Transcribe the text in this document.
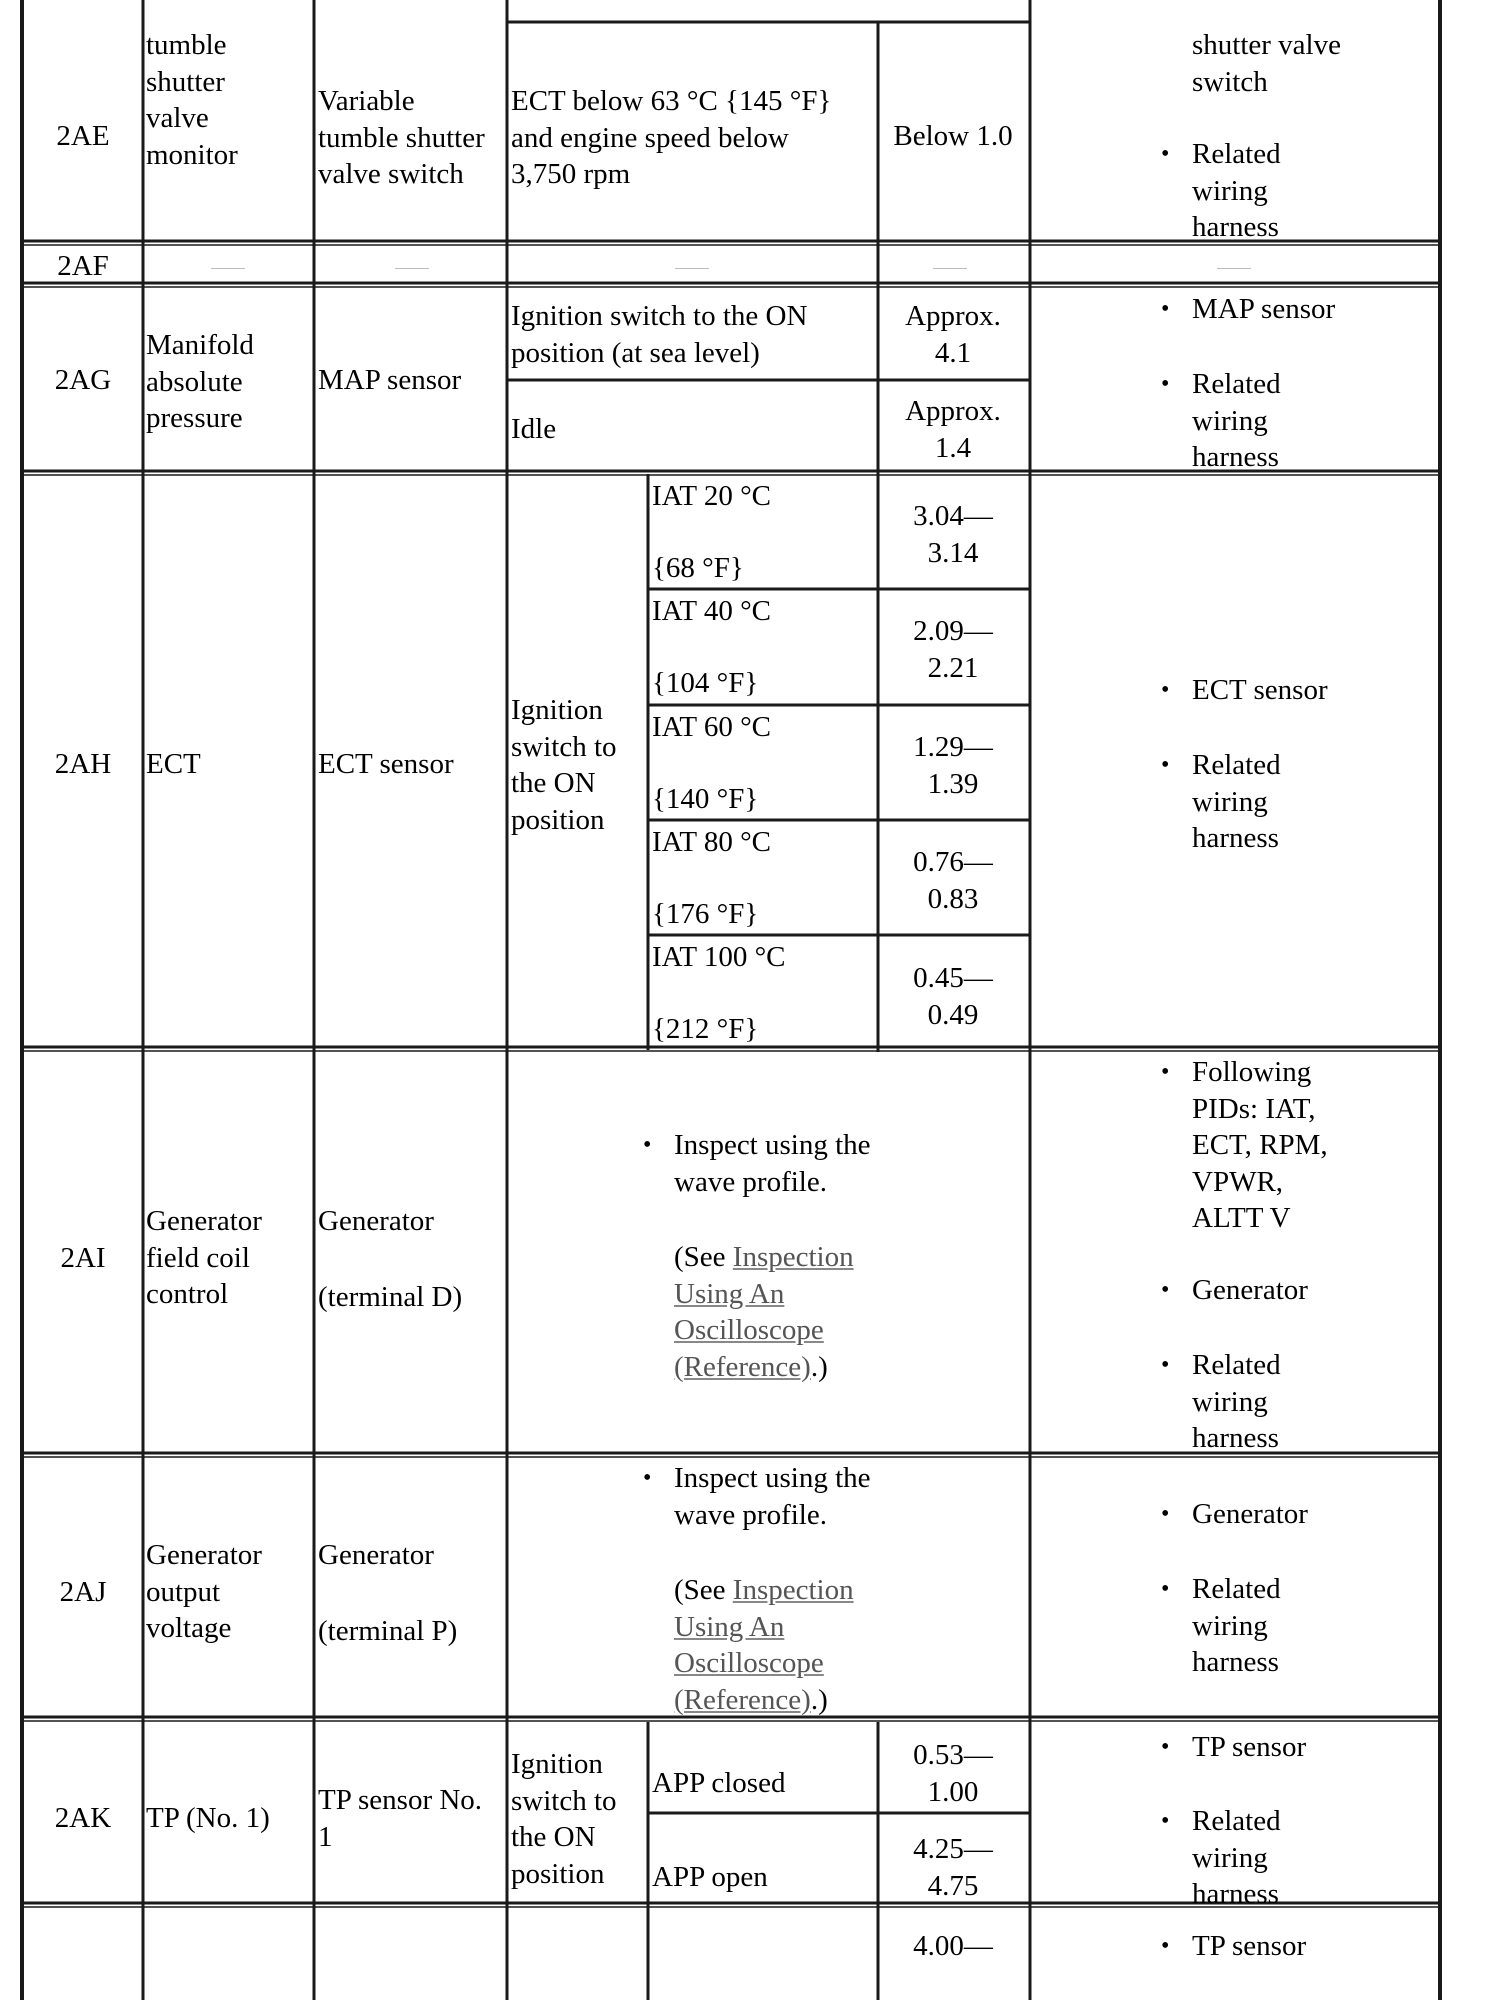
2AE
tumble
shutter
valve
monitor
Variable
tumble shutter
valve switch
ECT below 63 °C {145 °F}
and engine speed below
3,750 rpm
Below 1.0
shutter valve
switch
• Related
wiring
harness
2AF
2AG
Manifold
absolute
pressure
MAP sensor
Ignition switch to the ON
position (at sea level)
Approx.
4.1
Idle
Approx.
1.4
• MAP sensor
• Related
wiring
harness
2AH	ECT	ECT sensor
Ignition
switch to
the ON
position
IAT 20 °C
{68 °F}
3.04—
3.14
IAT 40 °C
{104 °F}
2.09—
2.21
IAT 60 °C
{140 °F}
1.29—
1.39
IAT 80 °C
{176 °F}
0.76—
0.83
IAT 100 °C
{212 °F}
0.45—
0.49
• ECT sensor
• Related
wiring
harness
2AI
Generator
field coil
control
Generator
(terminal D)
• Inspect using the
wave profile.
(See Inspection
Using An
Oscilloscope
(Reference).)
• Following
PIDs: IAT,
ECT, RPM,
VPWR,
ALTT V
• Generator
• Related
wiring
harness
2AJ
Generator
output
voltage
Generator
(terminal P)
• Inspect using the
wave profile.
(See Inspection
Using An
Oscilloscope
(Reference).)
• Generator
• Related
wiring
harness
2AK	TP (No. 1)
TP sensor No.
1
Ignition
switch to
the ON
position
APP closed
0.53—
1.00
APP open
4.25—
4.75
• TP sensor
• Related
wiring
harness
4.00—
•	TP sensor
